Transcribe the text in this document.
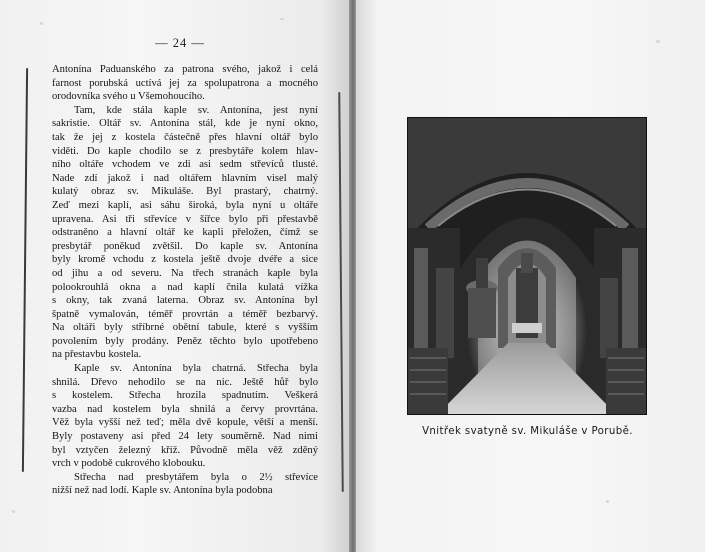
— 24 —
Antonína Paduanského za patrona svého, jakož i celá
farnost porubská uctívá jej za spolupatrona a mocného
orodovníka svého u Všemohoucího.
Tam, kde stála kaple sv. Antonína, jest nyní
sakristie. Oltář sv. Antonína stál, kde je nyní okno,
tak že jej z kostela částečně přes hlavní oltář bylo
viděti. Do kaple chodilo se z presbytáře kolem hlav-
ního oltáře vchodem ve zdi asi sedm střevíců tlusté.
Nade zdí jakož i nad oltářem hlavním visel malý
kulatý obraz sv. Mikuláše. Byl prastarý, chatrný.
Zeď mezi kaplí, asi sáhu široká, byla nyní u oltáře
upravena. Asi tři střevíce v šířce bylo při přestavbě
odstraněno a hlavní oltář ke kapli přeložen, čímž se
presbytář poněkud zvětšil. Do kaple sv. Antonína
byly kromě vchodu z kostela ještě dvoje dvéře a sice
od jihu a od severu. Na třech stranách kaple byla
polookrouhlá okna a nad kaplí čnila kulatá vížka
s okny, tak zvaná laterna. Obraz sv. Antonína byl
špatně vymalován, téměř provrtán a téměř bezbarvý.
Na oltáři byly stříbrné obětní tabule, které s vyšším
povolením byly prodány. Peněz těchto bylo upotřebeno
na přestavbu kostela.
Kaple sv. Antonína byla chatrná. Střecha byla
shnilá. Dřevo nehodilo se na nic. Ještě hůř bylo
s kostelem. Střecha hrozila spadnutím. Veškerá
vazba nad kostelem byla shnilá a červy provrtána.
Věž byla vyšší než teď; měla dvě kopule, větší a menší.
Byly postaveny asi před 24 lety souměrně. Nad nimi
byl vztyčen železný kříž. Původně měla věž zděný
vrch v podobě cukrového klobouku.
Střecha nad presbytářem byla o 2½ střevíce
nižší než nad lodí. Kaple sv. Antonína byla podobna
Vnitřek svatyně sv. Mikuláše v Porubě.
